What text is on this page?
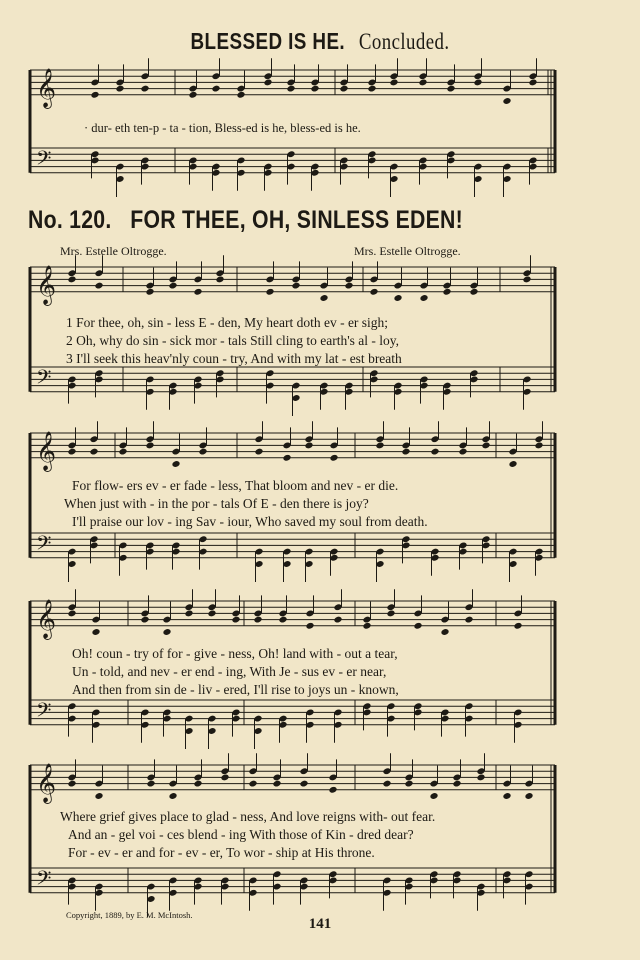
𝄞
𝄢
𝄞
𝄢
𝄞
𝄢
𝄞
𝄢
𝄞
𝄢
BLESSED IS HE. Concluded.
· dur- eth ten-p - ta - tion, Bless-ed is he, bless-ed is he.
No. 120. FOR THEE, OH, SINLESS EDEN!
Mrs. Estelle Oltrogge.	Mrs. Estelle Oltrogge.
1 For thee, oh, sin - less E - den, My heart doth ev - er sigh;
2 Oh, why do sin - sick mor - tals Still cling to earth's al - loy,
3 I'll seek this heav'nly coun - try, And with my lat - est breath
For flow- ers ev - er fade - less, That bloom and nev - er die.
When just with - in the por - tals Of E - den there is joy?
I'll praise our lov - ing Sav - iour, Who saved my soul from death.
Oh! coun - try of for - give - ness, Oh! land with - out a tear,
Un - told, and nev - er end - ing, With Je - sus ev - er near,
And then from sin de - liv - ered, I'll rise to joys un - known,
Where grief gives place to glad - ness, And love reigns with- out fear.
And an - gel voi - ces blend - ing With those of Kin - dred dear?
For - ev - er and for - ev - er, To wor - ship at His throne.
Copyright, 1889, by E. M. McIntosh.
141
